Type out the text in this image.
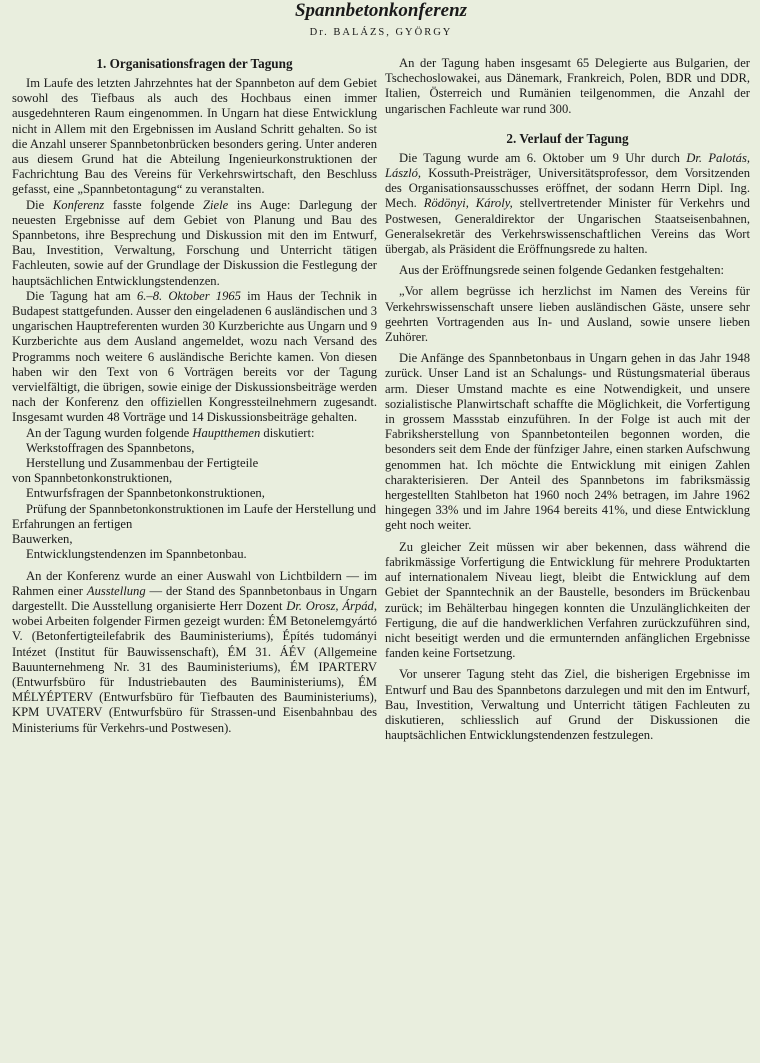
Spannbetonkonferenz
Dr. BALÁZS, GYÖRGY
1. Organisationsfragen der Tagung

Im Laufe des letzten Jahrzehntes hat der Spannbeton auf dem Gebiet sowohl des Tiefbaus als auch des Hochbaus einen immer ausgedehnteren Raum eingenommen. In Ungarn hat diese Entwicklung nicht in Allem mit den Ergebnissen im Ausland Schritt gehalten. So ist die Anzahl unserer Spannbetonbrücken besonders gering. Unter anderen aus diesem Grund hat die Abteilung Ingenieurkonstruktionen der Fachrichtung Bau des Vereins für Verkehrswirtschaft, den Beschluss gefasst, eine „Spannbetontagung“ zu veranstalten.

Die Konferenz fasste folgende Ziele ins Auge: Darlegung der neuesten Ergebnisse auf dem Gebiet von Planung und Bau des Spannbetons, ihre Besprechung und Diskussion mit den im Entwurf, Bau, Investition, Verwaltung, Forschung und Unterricht tätigen Fachleuten, sowie auf der Grundlage der Diskussion die Festlegung der hauptsächlichen Entwicklungstendenzen.

Die Tagung hat am 6.–8. Oktober 1965 im Haus der Technik in Budapest stattgefunden. Ausser den eingeladenen 6 ausländischen und 3 ungarischen Hauptreferenten wurden 30 Kurzberichte aus Ungarn und 9 Kurzberichte aus dem Ausland angemeldet, wozu nach Versand des Programms noch weitere 6 ausländische Berichte kamen. Von diesen haben wir den Text von 6 Vorträgen bereits vor der Tagung vervielfältigt, die übrigen, sowie einige der Diskussionsbeiträge werden nach der Konferenz den offiziellen Kongressteilnehmern zugesandt. Insgesamt wurden 48 Vorträge und 14 Diskussionsbeiträge gehalten.

An der Tagung wurden folgende Hauptthemen diskutiert:

Werkstoffragen des Spannbetons,

Herstellung und Zusammenbau der Fertigteile

von Spannbetonkonstruktionen,

Entwurfsfragen der Spannbetonkonstruktionen,

Prüfung der Spannbetonkonstruktionen im Laufe der Herstellung und Erfahrungen an fertigen

Bauwerken,

Entwicklungstendenzen im Spannbetonbau.

An der Konferenz wurde an einer Auswahl von Lichtbildern — im Rahmen einer Ausstellung — der Stand des Spannbetonbaus in Ungarn dargestellt. Die Ausstellung organisierte Herr Dozent Dr. Orosz, Árpád, wobei Arbeiten folgender Firmen gezeigt wurden: ÉM Betonelemgyártó V. (Betonfertigteilefabrik des Bauministeriums), Építés tudományi Intézet (Institut für Bauwissenschaft), ÉM 31. ÁÉV (Allgemeine Bauunternehmeng Nr. 31 des Bauministeriums), ÉM IPARTERV (Entwurfsbüro für Industriebauten des Bauministeriums), ÉM MÉLYÉPTERV (Entwurfsbüro für Tiefbauten des Bauministeriums), KPM UVATERV (Entwurfsbüro für Strassen-und Eisenbahnbau des Ministeriums für Verkehrs-und Postwesen).

An der Tagung haben insgesamt 65 Delegierte aus Bulgarien, der Tschechoslowakei, aus Dänemark, Frankreich, Polen, BDR und DDR, Italien, Österreich und Rumänien teilgenommen, die Anzahl der ungarischen Fachleute war rund 300.

2. Verlauf der Tagung

Die Tagung wurde am 6. Oktober um 9 Uhr durch Dr. Palotás, László, Kossuth-Preisträger, Universitätsprofessor, dem Vorsitzenden des Organisationsausschusses eröffnet, der sodann Herrn Dipl. Ing. Mech. Rödönyi, Károly, stellvertretender Minister für Verkehrs und Postwesen, Generaldirektor der Ungarischen Staatseisenbahnen, Generalsekretär des Verkehrswissenschaftlichen Vereins das Wort übergab, als Präsident die Eröffnungsrede zu halten.

Aus der Eröffnungsrede seinen folgende Gedanken festgehalten:

„Vor allem begrüsse ich herzlichst im Namen des Vereins für Verkehrswissenschaft unsere lieben ausländischen Gäste, unsere sehr geehrten Vortragenden aus In- und Ausland, sowie unsere lieben Zuhörer.

Die Anfänge des Spannbetonbaus in Ungarn gehen in das Jahr 1948 zurück. Unser Land ist an Schalungs- und Rüstungsmaterial überaus arm. Dieser Umstand machte es eine Notwendigkeit, und unsere sozialistische Planwirtschaft schaffte die Möglichkeit, die Vorfertigung in grossem Massstab einzuführen. In der Folge ist auch mit der Fabriksherstellung von Spannbetonteilen begonnen worden, die besonders seit dem Ende der fünfziger Jahre, einen starken Aufschwung genommen hat. Ich möchte die Entwicklung mit einigen Zahlen charakterisieren. Der Anteil des Spannbetons im fabriksmässig hergestellten Stahlbeton hat 1960 noch 24% betragen, im Jahre 1962 hingegen 33% und im Jahre 1964 bereits 41%, und diese Entwicklung geht noch weiter.

Zu gleicher Zeit müssen wir aber bekennen, dass während die fabrikmässige Vorfertigung die Entwicklung für mehrere Produktarten auf internationalem Niveau liegt, bleibt die Entwicklung auf dem Gebiet der Spanntechnik an der Baustelle, besonders im Brückenbau zurück; im Behälterbau hingegen konnten die Unzulänglichkeiten der Fertigung, die auf die handwerklichen Verfahren zurückzuführen sind, nicht beseitigt werden und die ermunternden anfänglichen Ergebnisse fanden keine Fortsetzung.

Vor unserer Tagung steht das Ziel, die bisherigen Ergebnisse im Entwurf und Bau des Spannbetons darzulegen und mit den im Entwurf, Bau, Investition, Verwaltung und Unterricht tätigen Fachleuten zu diskutieren, schliesslich auf Grund der Diskussionen die hauptsächlichen Entwicklungstendenzen festzulegen.
